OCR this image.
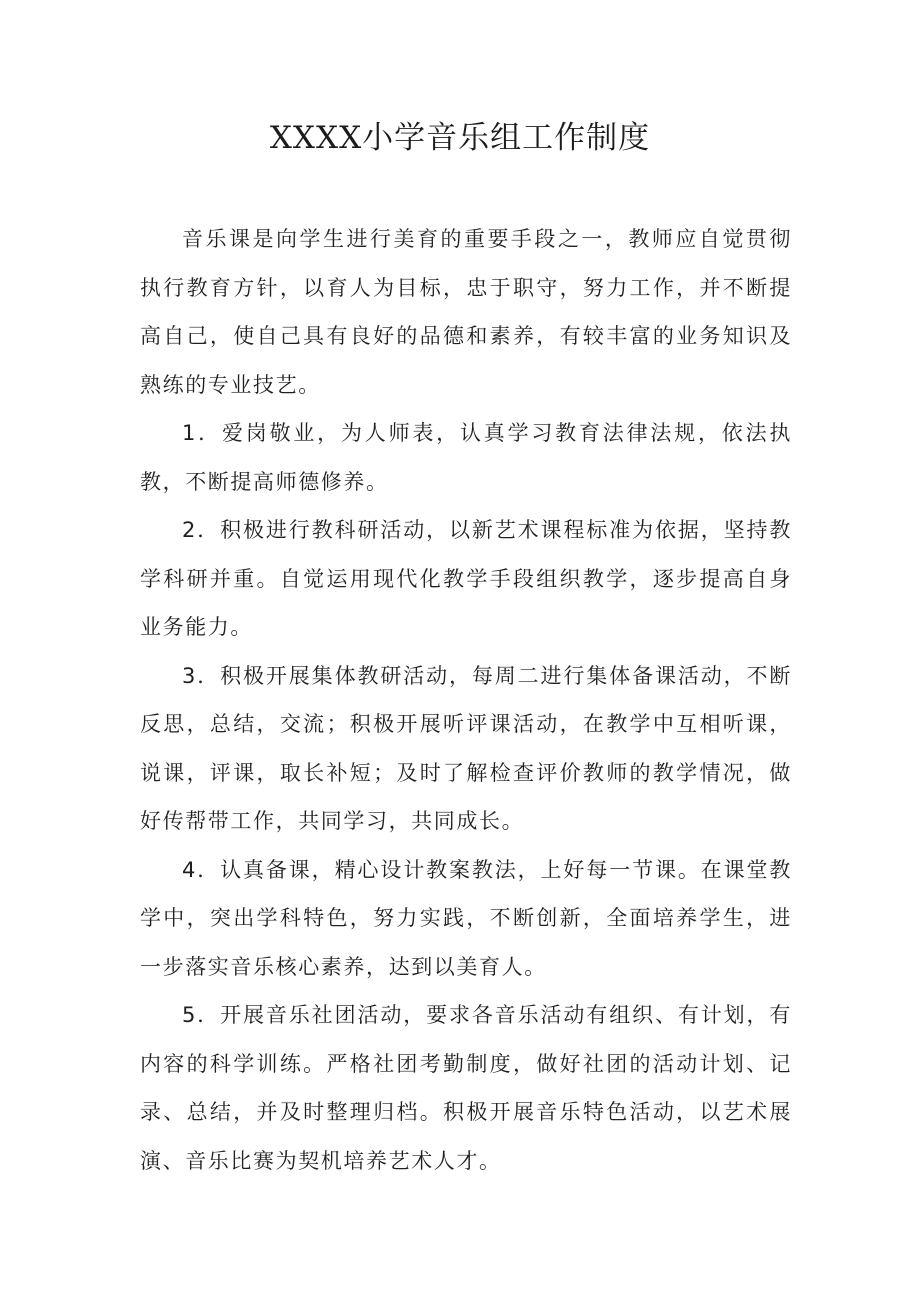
XXXX小学音乐组工作制度

音乐课是向学生进行美育的重要手段之一，教师应自觉贯彻执行教育方针，以育人为目标，忠于职守，努力工作，并不断提高自己，使自己具有良好的品德和素养，有较丰富的业务知识及熟练的专业技艺。

1．爱岗敬业，为人师表，认真学习教育法律法规，依法执教，不断提高师德修养。

2．积极进行教科研活动，以新艺术课程标准为依据，坚持教学科研并重。自觉运用现代化教学手段组织教学，逐步提高自身业务能力。

3．积极开展集体教研活动，每周二进行集体备课活动，不断反思，总结，交流；积极开展听评课活动，在教学中互相听课，说课，评课，取长补短；及时了解检查评价教师的教学情况，做好传帮带工作，共同学习，共同成长。

4．认真备课，精心设计教案教法，上好每一节课。在课堂教学中，突出学科特色，努力实践，不断创新，全面培养学生，进一步落实音乐核心素养，达到以美育人。

5．开展音乐社团活动，要求各音乐活动有组织、有计划，有内容的科学训练。严格社团考勤制度，做好社团的活动计划、记录、总结，并及时整理归档。积极开展音乐特色活动，以艺术展演、音乐比赛为契机培养艺术人才。
